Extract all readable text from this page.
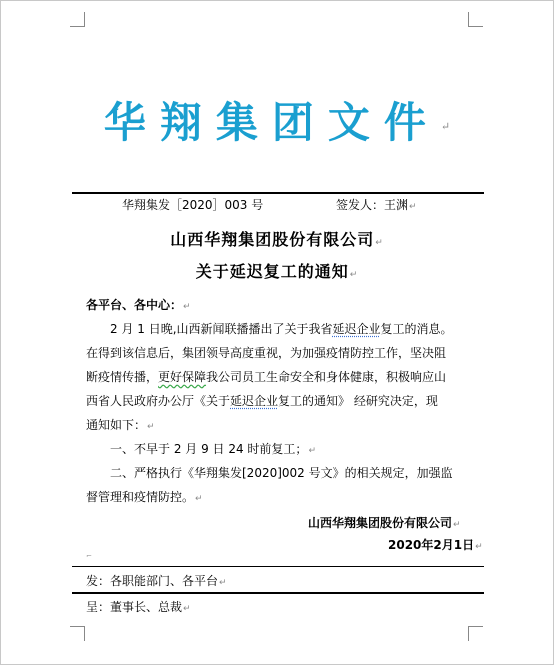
华翔集团文件↵
华翔集发［2020］003 号	签发人：王渊↵
山西华翔集团股份有限公司↵
关于延迟复工的通知↵
各平台、各中心：↵
2 月 1 日晚,山西新闻联播播出了关于我省延迟企业复工的消息。
在得到该信息后，集团领导高度重视，为加强疫情防控工作，坚决阻
断疫情传播，更好保障我公司员工生命安全和身体健康，积极响应山
西省人民政府办公厅《关于延迟企业复工的通知》 经研究决定，现
通知如下：↵
一、不早于 2 月 9 日 24 时前复工；↵
二、严格执行《华翔集发[2020]002 号文》的相关规定，加强监
督管理和疫情防控。↵
山西华翔集团股份有限公司↵
2020年2月1日↵
⌐
发：各职能部门、各平台↵
呈：董事长、总裁↵
